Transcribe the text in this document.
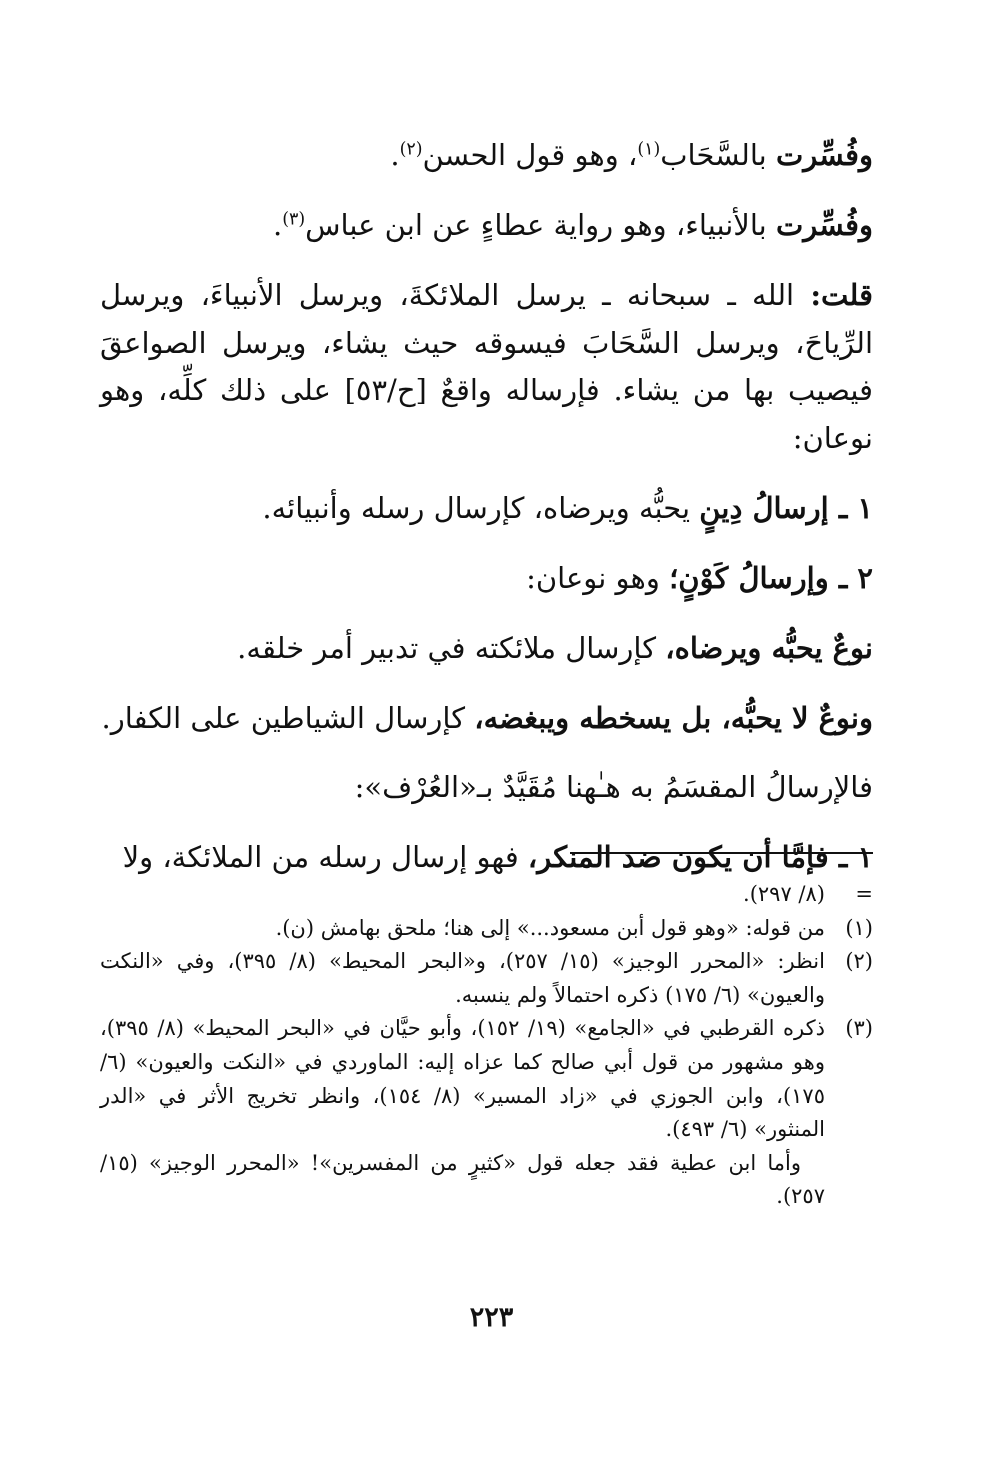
وفُسِّرت بالسَّحَاب$^{(١)}$، وهو قول الحسن$^{(٢)}$.

وفُسِّرت بالأنبياء، وهو رواية عطاءٍ عن ابن عباس$^{(٣)}$.

قلت: الله ـ سبحانه ـ يرسل الملائكةَ، ويرسل الأنبياءَ، ويرسل الرِّياحَ، ويرسل السَّحَابَ فيسوقه حيث يشاء، ويرسل الصواعقَ فيصيب بها من يشاء. فإرساله واقعٌ [ح/٥٣] على ذلك كلِّه، وهو نوعان:

١ ـ إرسالُ دِينٍ يحبُّه ويرضاه، كإرسال رسله وأنبيائه.

٢ ـ وإرسالُ كَوْنٍ؛ وهو نوعان:

نوعٌ يحبُّه ويرضاه، كإرسال ملائكته في تدبير أمر خلقه.

ونوعٌ لا يحبُّه، بل يسخطه ويبغضه، كإرسال الشياطين على الكفار.

فالإرسالُ المقسَمُ به هـٰهنا مُقَيَّدٌ بـ«العُرْف»:

١ ـ فإمَّا أن يكون ضد المنكر، فهو إرسال رسله من الملائكة، ولا

=
(٨/ ٢٩٧).
(١)
من قوله: «وهو قول أبن مسعود...» إلى هنا؛ ملحق بهامش (ن).
(٢)
انظر: «المحرر الوجيز» (١٥/ ٢٥٧)، و«البحر المحيط» (٨/ ٣٩٥)، وفي «النكت والعيون» (٦/ ١٧٥) ذكره احتمالاً ولم ينسبه.
(٣)
ذكره القرطبي في «الجامع» (١٩/ ١٥٢)، وأبو حيَّان في «البحر المحيط» (٨/ ٣٩٥)، وهو مشهور من قول أبي صالح كما عزاه إليه: الماوردي في «النكت والعيون» (٦/ ١٧٥)، وابن الجوزي في «زاد المسير» (٨/ ١٥٤)، وانظر تخريج الأثر في «الدر المنثور» (٦/ ٤٩٣).
وأما ابن عطية فقد جعله قول «كثيرٍ من المفسرين»! «المحرر الوجيز» (١٥/ ٢٥٧).
٢٢٣
